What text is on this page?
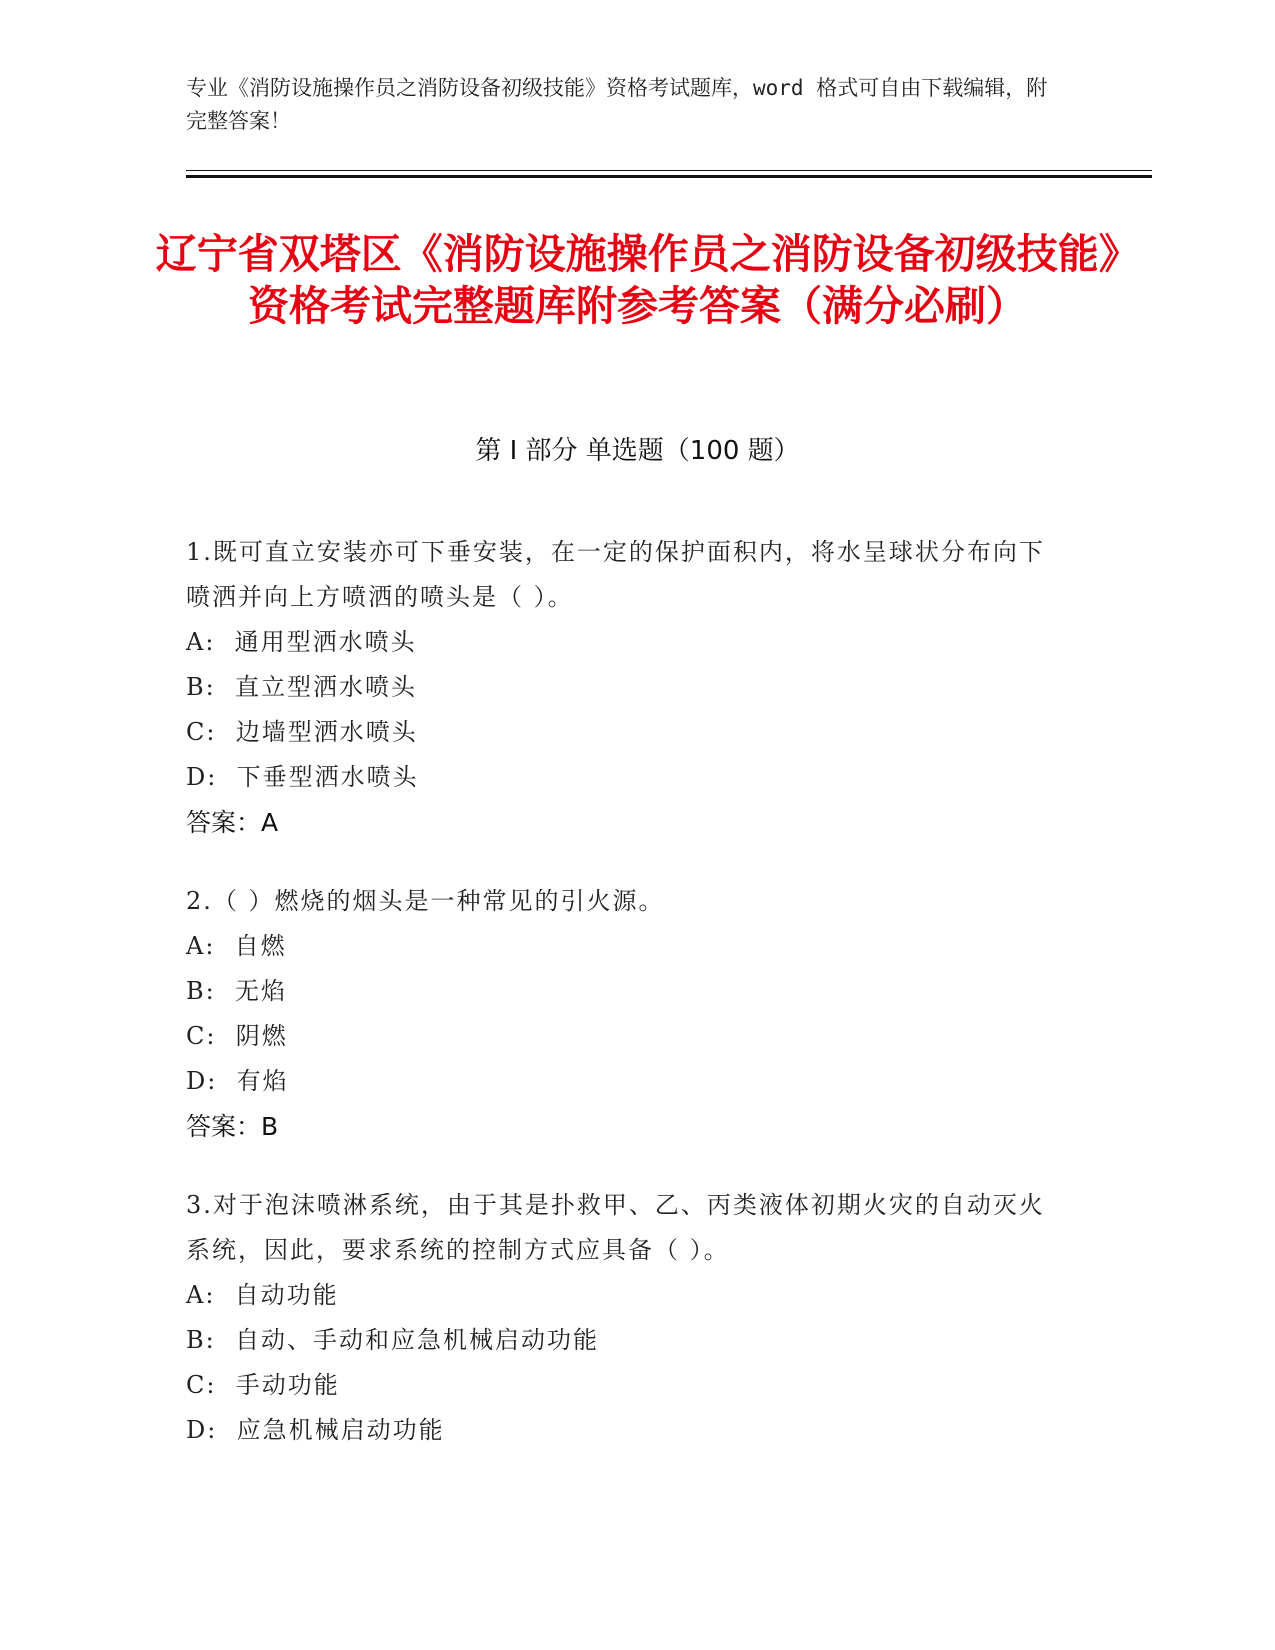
专业《消防设施操作员之消防设备初级技能》资格考试题库，word 格式可自由下载编辑，附完整答案！
辽宁省双塔区《消防设施操作员之消防设备初级技能》资格考试完整题库附参考答案（满分必刷）
第 I 部分 单选题（100 题）

1.既可直立安装亦可下垂安装，在一定的保护面积内，将水呈球状分布向下喷洒并向上方喷洒的喷头是（ ）。

A:  通用型洒水喷头
B:  直立型洒水喷头
C:  边墙型洒水喷头
D:  下垂型洒水喷头
答案：A

2.（ ）燃烧的烟头是一种常见的引火源。

A:  自燃
B:  无焰
C:  阴燃
D:  有焰
答案：B

3.对于泡沫喷淋系统，由于其是扑救甲、乙、丙类液体初期火灾的自动灭火系统，因此，要求系统的控制方式应具备（ ）。

A:  自动功能
B:  自动、手动和应急机械启动功能
C:  手动功能
D:  应急机械启动功能
